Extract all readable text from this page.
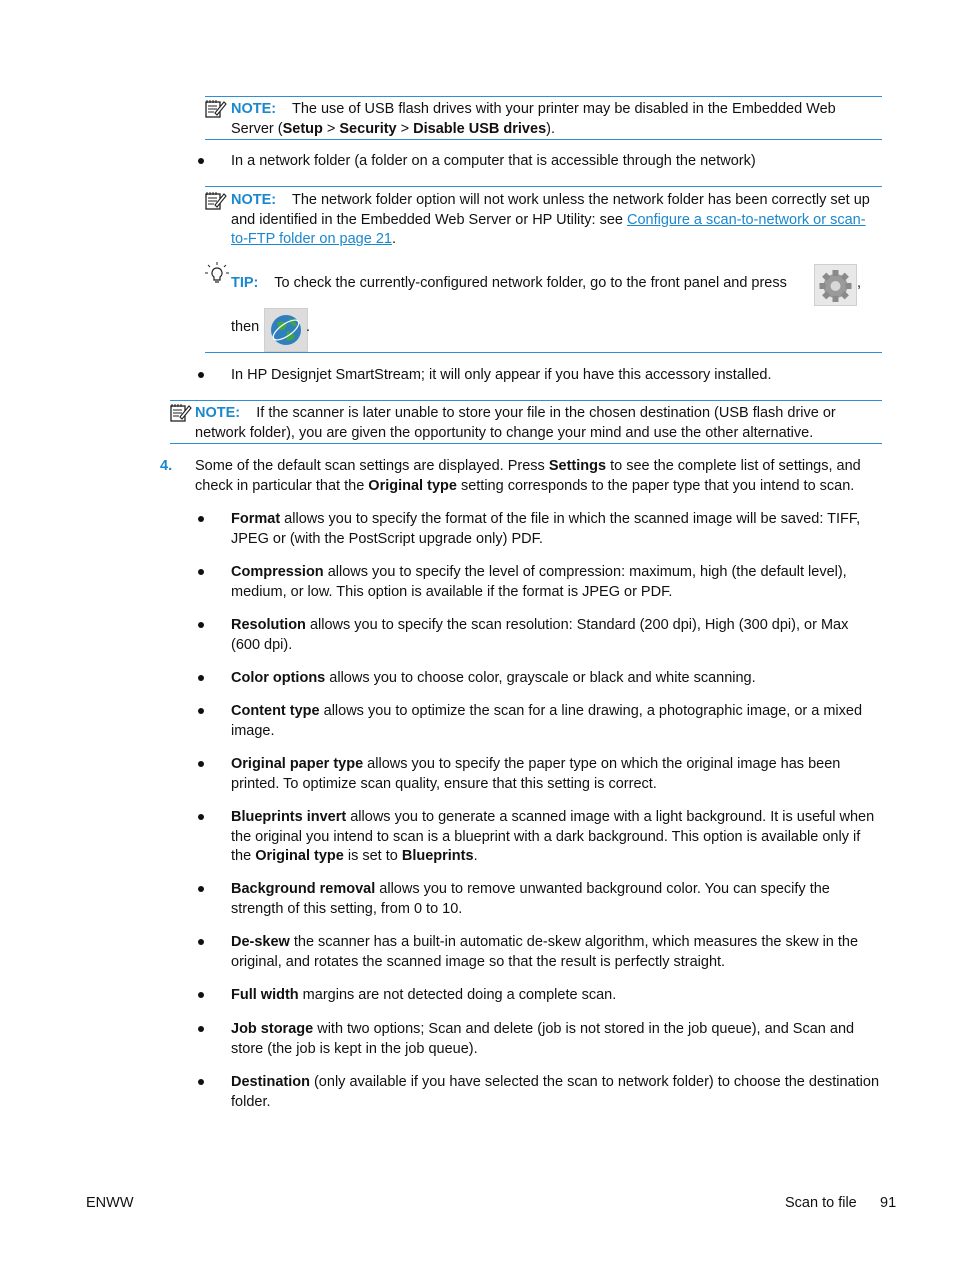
NOTE: The use of USB flash drives with your printer may be disabled in the Embedded Web Server (Setup > Security > Disable USB drives).
In a network folder (a folder on a computer that is accessible through the network)
NOTE: The network folder option will not work unless the network folder has been correctly set up and identified in the Embedded Web Server or HP Utility: see Configure a scan-to-network or scan-to-FTP folder on page 21.
TIP: To check the currently-configured network folder, go to the front panel and press	,
then	.
In HP Designjet SmartStream; it will only appear if you have this accessory installed.
NOTE: If the scanner is later unable to store your file in the chosen destination (USB flash drive or network folder), you are given the opportunity to change your mind and use the other alternative.
4. Some of the default scan settings are displayed. Press Settings to see the complete list of settings, and check in particular that the Original type setting corresponds to the paper type that you intend to scan.
Format allows you to specify the format of the file in which the scanned image will be saved: TIFF, JPEG or (with the PostScript upgrade only) PDF.
Compression allows you to specify the level of compression: maximum, high (the default level), medium, or low. This option is available if the format is JPEG or PDF.
Resolution allows you to specify the scan resolution: Standard (200 dpi), High (300 dpi), or Max (600 dpi).
Color options allows you to choose color, grayscale or black and white scanning.
Content type allows you to optimize the scan for a line drawing, a photographic image, or a mixed image.
Original paper type allows you to specify the paper type on which the original image has been printed. To optimize scan quality, ensure that this setting is correct.
Blueprints invert allows you to generate a scanned image with a light background. It is useful when the original you intend to scan is a blueprint with a dark background. This option is available only if the Original type is set to Blueprints.
Background removal allows you to remove unwanted background color. You can specify the strength of this setting, from 0 to 10.
De-skew the scanner has a built-in automatic de-skew algorithm, which measures the skew in the original, and rotates the scanned image so that the result is perfectly straight.
Full width margins are not detected doing a complete scan.
Job storage with two options; Scan and delete (job is not stored in the job queue), and Scan and store (the job is kept in the job queue).
Destination (only available if you have selected the scan to network folder) to choose the destination folder.
ENWW	Scan to file 91
